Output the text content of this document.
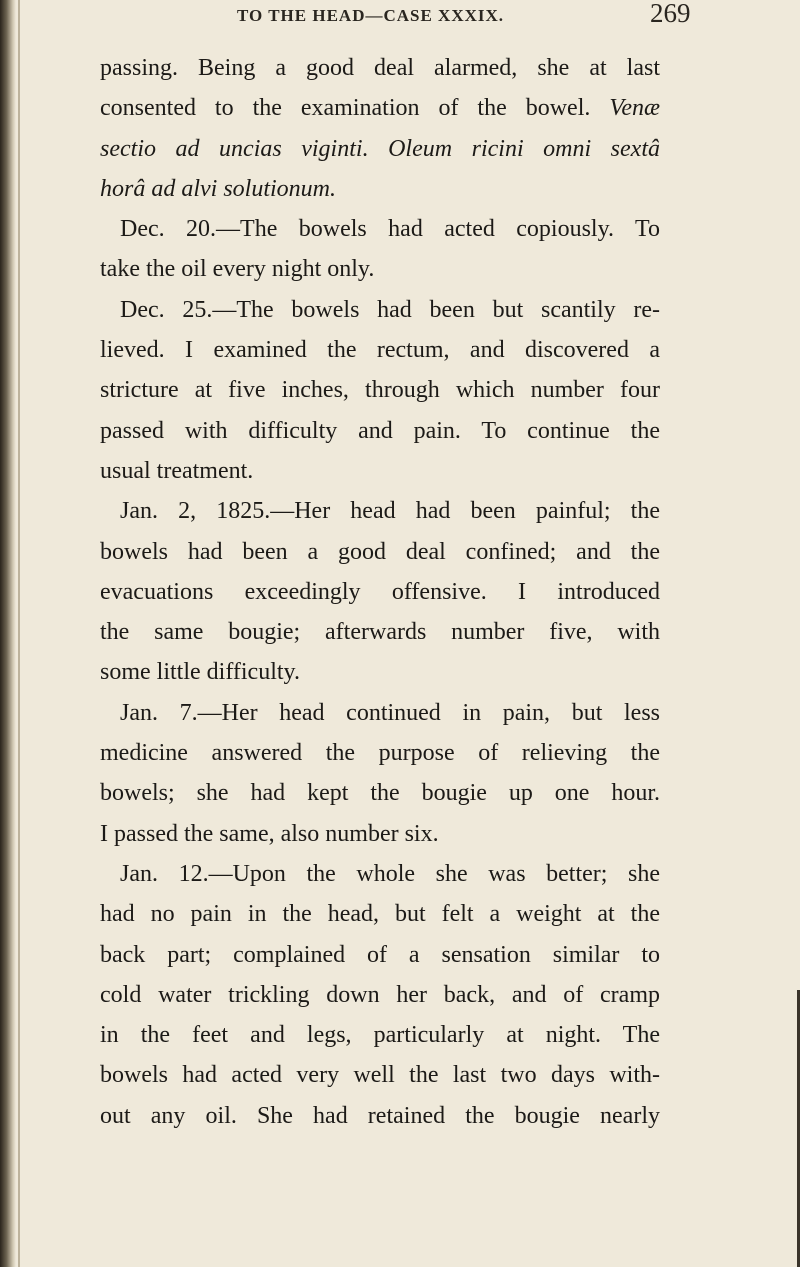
TO THE HEAD—CASE XXXIX.	269
passing. Being a good deal alarmed, she at last
consented to the examination of the bowel. Venæ
sectio ad uncias viginti. Oleum ricini omni sextâ
horâ ad alvi solutionum.
Dec. 20.—The bowels had acted copiously. To
take the oil every night only.
Dec. 25.—The bowels had been but scantily re-
lieved. I examined the rectum, and discovered a
stricture at five inches, through which number four
passed with difficulty and pain. To continue the
usual treatment.
Jan. 2, 1825.—Her head had been painful; the
bowels had been a good deal confined; and the
evacuations exceedingly offensive. I introduced
the same bougie; afterwards number five, with
some little difficulty.
Jan. 7.—Her head continued in pain, but less
medicine answered the purpose of relieving the
bowels; she had kept the bougie up one hour.
I passed the same, also number six.
Jan. 12.—Upon the whole she was better; she
had no pain in the head, but felt a weight at the
back part; complained of a sensation similar to
cold water trickling down her back, and of cramp
in the feet and legs, particularly at night. The
bowels had acted very well the last two days with-
out any oil. She had retained the bougie nearly
